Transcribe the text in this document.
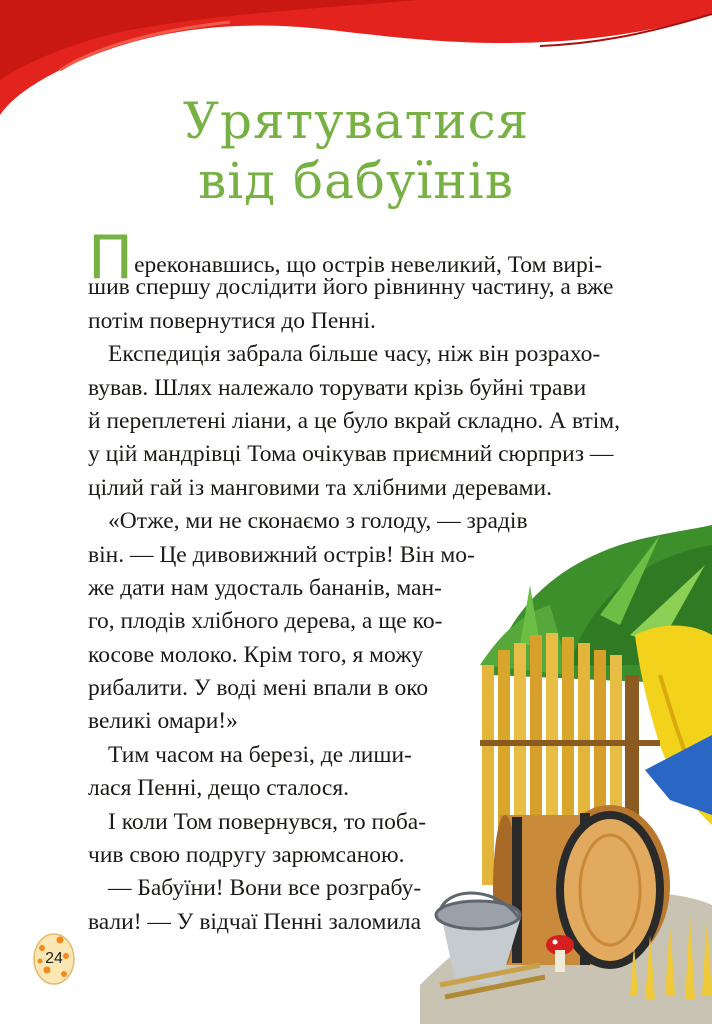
Урятуватися
від бабуїнів
Переконавшись, що острів невеликий, Том вирі-
шив спершу дослідити його рівнинну частину, а вже
потім повернутися до Пенні.
Експедиція забрала більше часу, ніж він розрахо-
вував. Шлях належало торувати крізь буйні трави
й переплетені ліани, а це було вкрай складно. А втім,
у цій мандрівці Тома очікував приємний сюрприз —
цілий гай із манговими та хлібними деревами.
«Отже, ми не сконаємо з голоду, — зрадів
він. — Це дивовижний острів! Він мо-
же дати нам удосталь бананів, ман-
го, плодів хлібного дерева, а ще ко-
косове молоко. Крім того, я можу
рибалити. У воді мені впали в око
великі омари!»
Тим часом на березі, де лиши-
лася Пенні, дещо сталося.
І коли Том повернувся, то поба-
чив свою подругу зарюмсаною.
— Бабуїни! Вони все розграбу-
вали! — У відчаї Пенні заломила
24
